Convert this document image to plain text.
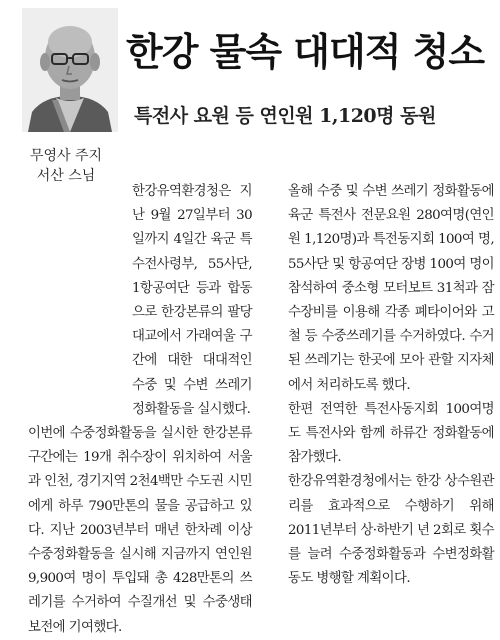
무영사 주지
서산 스님
한강 물속 대대적 청소
특전사 요원 등 연인원 1,120명 동원

한강유역환경청은 지난 9월 27일부터 30일까지 4일간 육군 특수전사령부, 55사단, 1항공여단 등과 합동으로 한강본류의 팔당대교에서 가래여울 구간에 대한 대대적인 수중 및 수변 쓰레기 정화활동을 실시했다.

이번에 수중정화활동을 실시한 한강본류 구간에는 19개 취수장이 위치하여 서울과 인천, 경기지역 2천4백만 수도권 시민에게 하루 790만톤의 물을 공급하고 있다. 지난 2003년부터 매년 한차례 이상 수중정화활동을 실시해 지금까지 연인원 9,900여 명이 투입돼 총 428만톤의 쓰레기를 수거하여 수질개선 및 수중생태 보전에 기여했다.

올해 수중 및 수변 쓰레기 정화활동에 육군 특전사 전문요원 280여명(연인원 1,120명)과 특전동지회 100여 명, 55사단 및 항공여단 장병 100여 명이 참석하여 중소형 모터보트 31척과 잠수장비를 이용해 각종 폐타이어와 고철 등 수중쓰레기를 수거하였다. 수거된 쓰레기는 한곳에 모아 관할 지자체에서 처리하도록 했다.

한편 전역한 특전사동지회 100여명도 특전사와 함께 하류간 정화활동에 참가했다.

한강유역환경청에서는 한강 상수원관리를 효과적으로 수행하기 위해 2011년부터 상·하반기 년 2회로 횟수를 늘려 수중정화활동과 수변정화활동도 병행할 계획이다.
